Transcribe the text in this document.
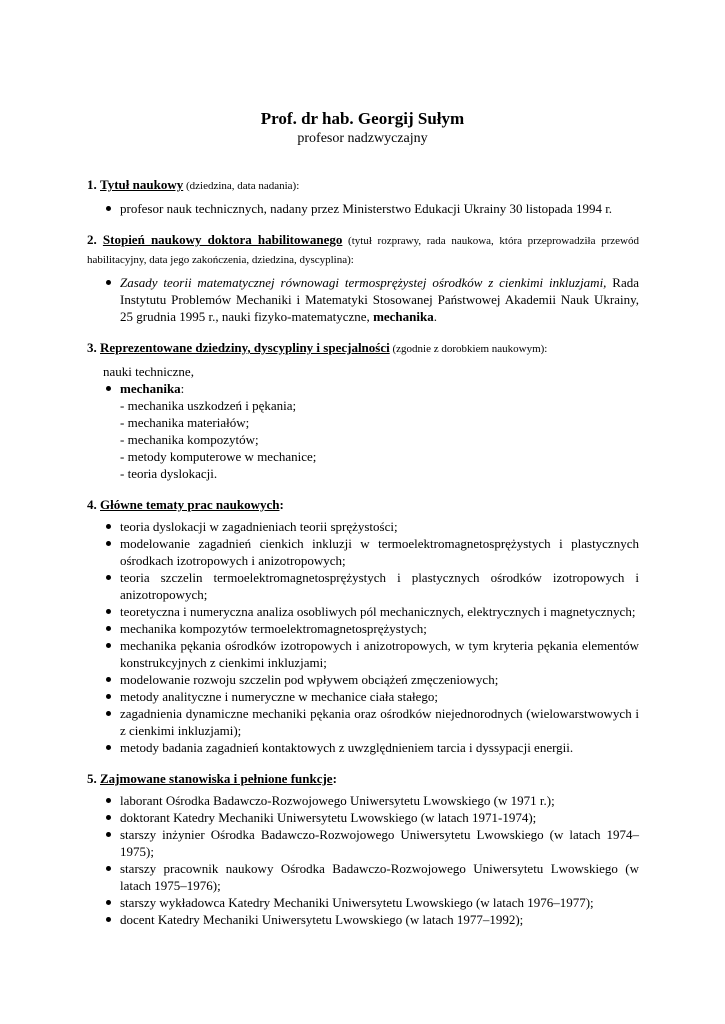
Prof. dr hab. Georgij Sułym
profesor nadzwyczajny
1. Tytuł naukowy (dziedzina, data nadania):
profesor nauk technicznych, nadany przez Ministerstwo Edukacji Ukrainy 30 listopada 1994 r.
2. Stopień naukowy doktora habilitowanego (tytuł rozprawy, rada naukowa, która przeprowadziła przewód habilitacyjny, data jego zakończenia, dziedzina, dyscyplina):
Zasady teorii matematycznej równowagi termosprężystej ośrodków z cienkimi inkluzjami, Rada Instytutu Problemów Mechaniki i Matematyki Stosowanej Państwowej Akademii Nauk Ukrainy, 25 grudnia 1995 r., nauki fizyko-matematyczne, mechanika.
3. Reprezentowane dziedziny, dyscypliny i specjalności (zgodnie z dorobkiem naukowym):
nauki techniczne,
mechanika:
- mechanika uszkodzeń i pękania;
- mechanika materiałów;
- mechanika kompozytów;
- metody komputerowe w mechanice;
- teoria dyslokacji.
4. Główne tematy prac naukowych:
teoria dyslokacji w zagadnieniach teorii sprężystości;
modelowanie zagadnień cienkich inkluzji w termoelektromagnetosprężystych i plastycznych ośrodkach izotropowych i anizotropowych;
teoria szczelin termoelektromagnetosprężystych i plastycznych ośrodków izotropowych i anizotropowych;
teoretyczna i numeryczna analiza osobliwych pól mechanicznych, elektrycznych i magnetycznych;
mechanika kompozytów termoelektromagnetosprężystych;
mechanika pękania ośrodków izotropowych i anizotropowych, w tym kryteria pękania elementów konstrukcyjnych z cienkimi inkluzjami;
modelowanie rozwoju szczelin pod wpływem obciążeń zmęczeniowych;
metody analityczne i numeryczne w mechanice ciała stałego;
zagadnienia dynamiczne mechaniki pękania oraz ośrodków niejednorodnych (wielowarstwowych i z cienkimi inkluzjami);
metody badania zagadnień kontaktowych z uwzględnieniem tarcia i dyssypacji energii.
5. Zajmowane stanowiska i pełnione funkcje:
laborant Ośrodka Badawczo-Rozwojowego Uniwersytetu Lwowskiego (w 1971 r.);
doktorant Katedry Mechaniki Uniwersytetu Lwowskiego (w latach 1971-1974);
starszy inżynier Ośrodka Badawczo-Rozwojowego Uniwersytetu Lwowskiego (w latach 1974–1975);
starszy pracownik naukowy Ośrodka Badawczo-Rozwojowego Uniwersytetu Lwowskiego (w latach 1975–1976);
starszy wykładowca Katedry Mechaniki Uniwersytetu Lwowskiego (w latach 1976–1977);
docent Katedry Mechaniki Uniwersytetu Lwowskiego (w latach 1977–1992);
